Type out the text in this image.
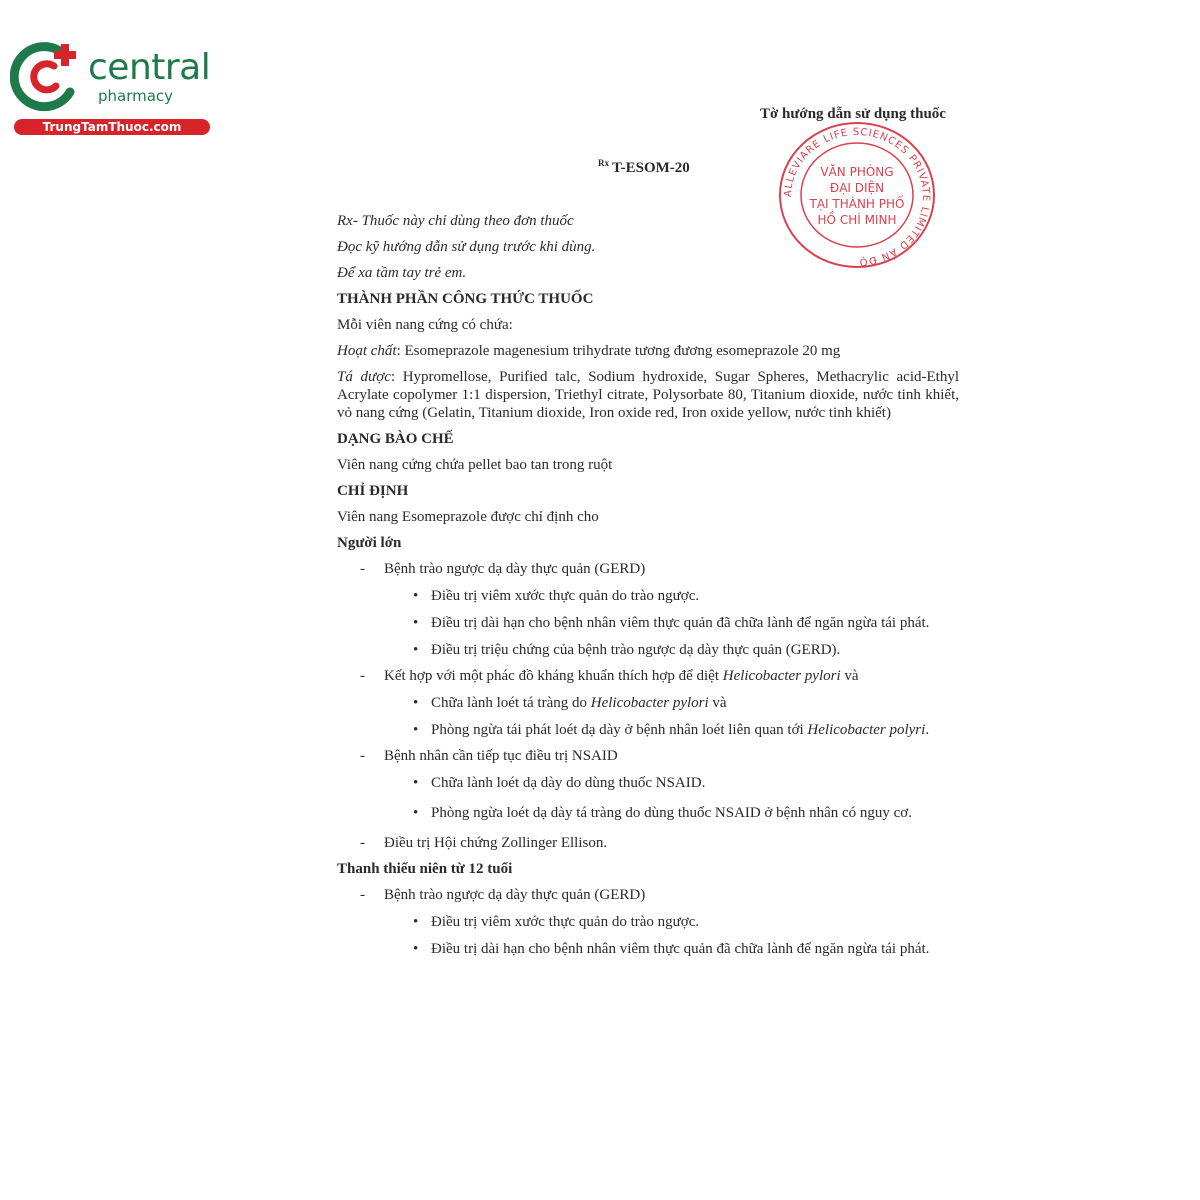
central
pharmacy
TrungTamThuoc.com
Tờ hướng dẫn sử dụng thuốc
ALLEVIARE LIFE SCIENCES PRIVATE LIMITED ẤN ĐỘ
VĂN PHÒNG
ĐẠI DIỆN
TẠI THÀNH PHỐ
HỒ CHÍ MINH
$^{Rx}$ T-ESOM-20

Rx- Thuốc này chỉ dùng theo đơn thuốc

Đọc kỹ hướng dẫn sử dụng trước khi dùng.

Để xa tầm tay trẻ em.

THÀNH PHẦN CÔNG THỨC THUỐC

Mỗi viên nang cứng có chứa:

Hoạt chất: Esomeprazole magenesium trihydrate tương đương esomeprazole 20 mg

Tá dược: Hypromellose, Purified talc, Sodium hydroxide, Sugar Spheres, Methacrylic acid-Ethyl Acrylate copolymer 1:1 dispersion, Triethyl citrate, Polysorbate 80, Titanium dioxide, nước tinh khiết, vỏ nang cứng (Gelatin, Titanium dioxide, Iron oxide red, Iron oxide yellow, nước tinh khiết)

DẠNG BÀO CHẾ

Viên nang cứng chứa pellet bao tan trong ruột

CHỈ ĐỊNH

Viên nang Esomeprazole được chỉ định cho

Người lớn

- Bệnh trào ngược dạ dày thực quản (GERD)

• Điều trị viêm xước thực quản do trào ngược.

• Điều trị dài hạn cho bệnh nhân viêm thực quản đã chữa lành để ngăn ngừa tái phát.

• Điều trị triệu chứng của bệnh trào ngược dạ dày thực quản (GERD).

- Kết hợp với một phác đồ kháng khuẩn thích hợp để diệt Helicobacter pylori và

• Chữa lành loét tá tràng do Helicobacter pylori và

• Phòng ngừa tái phát loét dạ dày ở bệnh nhân loét liên quan tới Helicobacter polyri.

- Bệnh nhân cần tiếp tục điều trị NSAID

• Chữa lành loét dạ dày do dùng thuốc NSAID.

• Phòng ngừa loét dạ dày tá tràng do dùng thuốc NSAID ở bệnh nhân có nguy cơ.

- Điều trị Hội chứng Zollinger Ellison.

Thanh thiếu niên từ 12 tuổi

- Bệnh trào ngược dạ dày thực quản (GERD)

• Điều trị viêm xước thực quản do trào ngược.

• Điều trị dài hạn cho bệnh nhân viêm thực quản đã chữa lành để ngăn ngừa tái phát.
